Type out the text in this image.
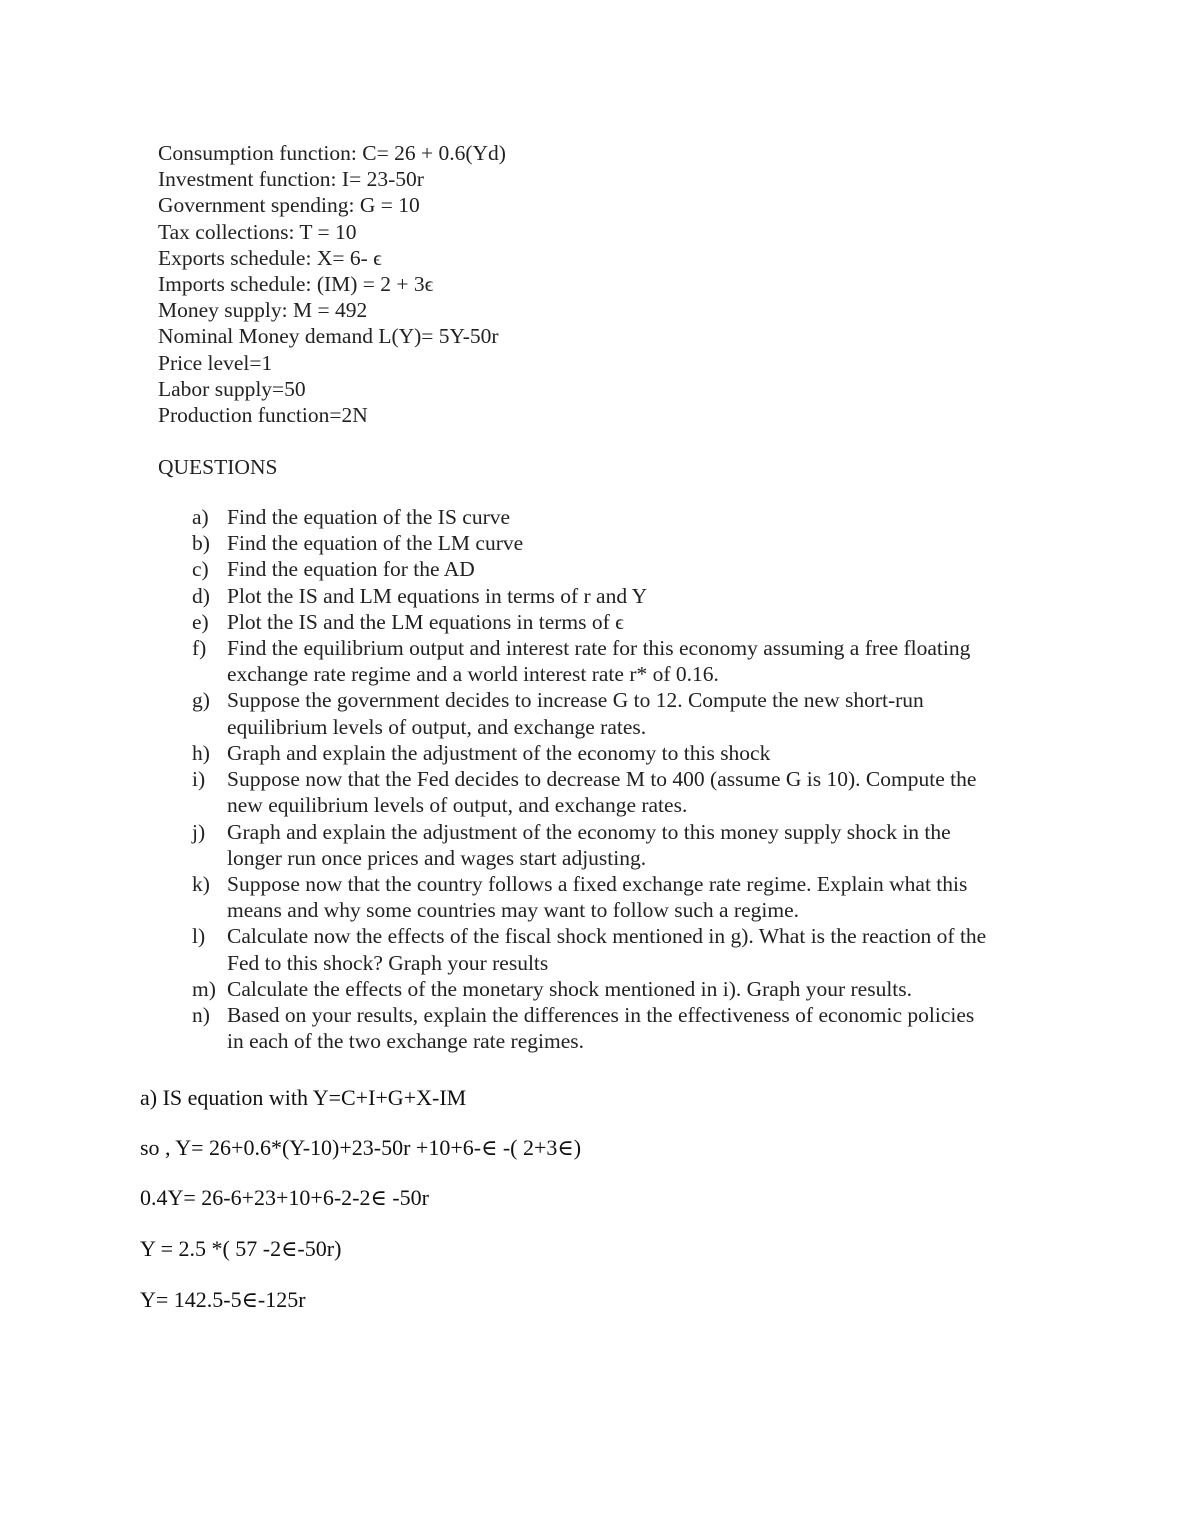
Consumption function: C= 26 + 0.6(Yd)
Investment function: I= 23-50r
Government spending: G = 10
Tax collections: T = 10
Exports schedule: X= 6- ϵ
Imports schedule: (IM) = 2 + 3ϵ
Money supply: M = 492
Nominal Money demand L(Y)= 5Y-50r
Price level=1
Labor supply=50
Production function=2N
QUESTIONS
a) Find the equation of the IS curve
b) Find the equation of the LM curve
c) Find the equation for the AD
d) Plot the IS and LM equations in terms of r and Y
e) Plot the IS and the LM equations in terms of ϵ
f) Find the equilibrium output and interest rate for this economy assuming a free floating exchange rate regime and a world interest rate r* of 0.16.
g) Suppose the government decides to increase G to 12. Compute the new short-run equilibrium levels of output, and exchange rates.
h) Graph and explain the adjustment of the economy to this shock
i)	Suppose now that the Fed decides to decrease M to 400 (assume G is 10). Compute the new equilibrium levels of output, and exchange rates.
j)	Graph and explain the adjustment of the economy to this money supply shock in the longer run once prices and wages start adjusting.
k) Suppose now that the country follows a fixed exchange rate regime. Explain what this means and why some countries may want to follow such a regime.
l)	Calculate now the effects of the fiscal shock mentioned in g). What is the reaction of the Fed to this shock? Graph your results
m) Calculate the effects of the monetary shock mentioned in i). Graph your results.
n) Based on your results, explain the differences in the effectiveness of economic policies in each of the two exchange rate regimes.
a) IS equation with Y=C+I+G+X-IM
so , Y= 26+0.6*(Y-10)+23-50r +10+6-∈ -( 2+3∈)
0.4Y= 26-6+23+10+6-2-2∈ -50r
Y = 2.5 *( 57 -2∈-50r)
Y= 142.5-5∈-125r
